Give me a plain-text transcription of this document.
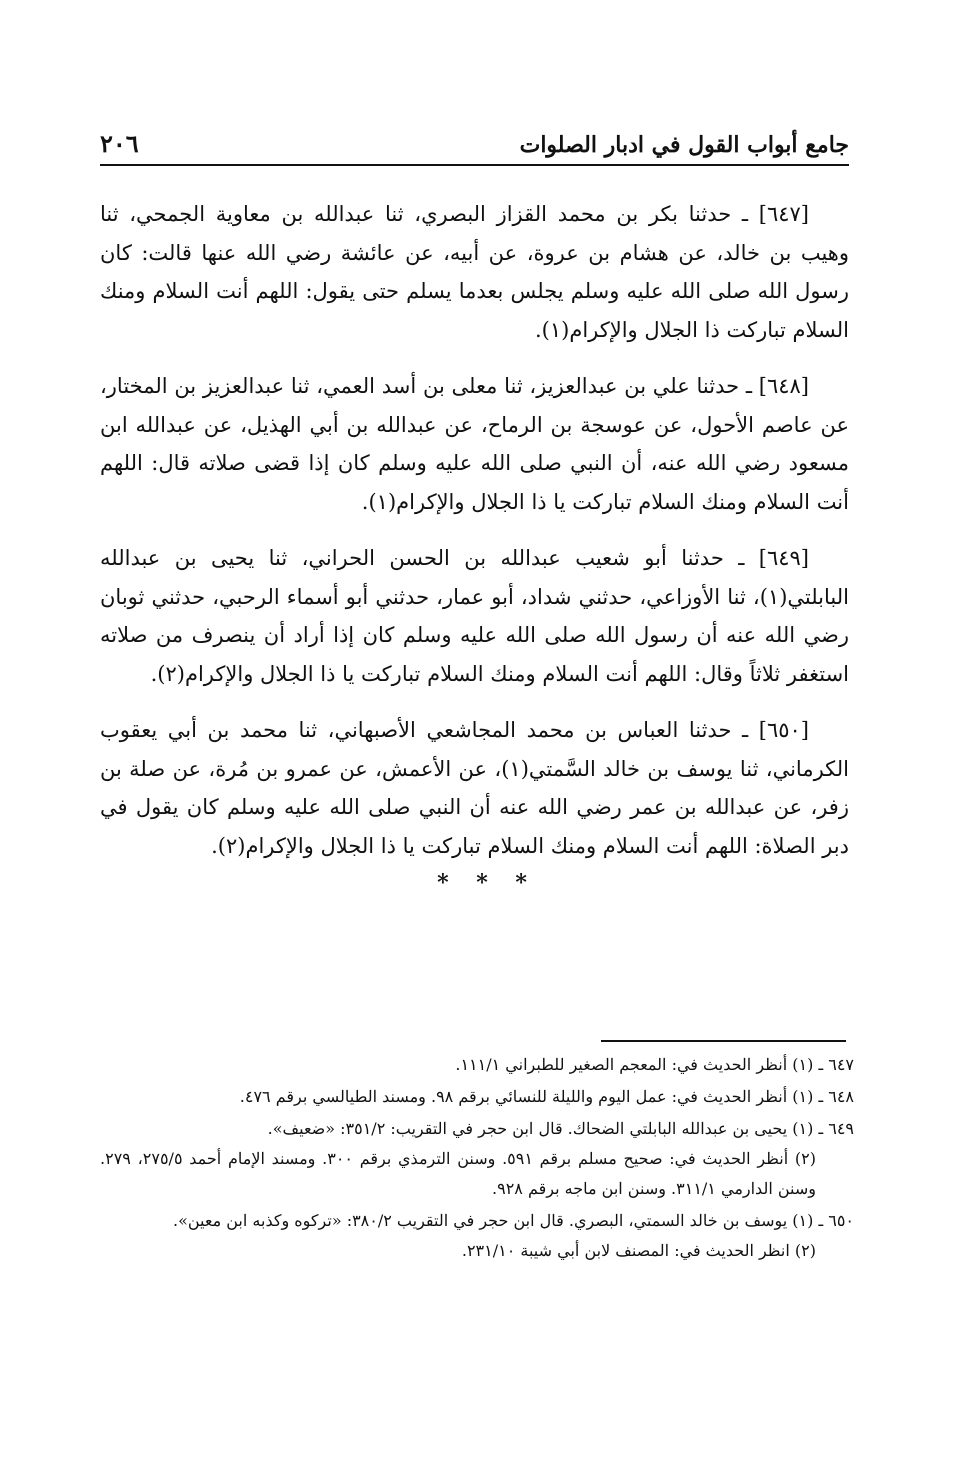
جامع أبواب القول في ادبار الصلوات
٢٠٦

[٦٤٧] ـ حدثنا بكر بن محمد القزاز البصري، ثنا عبدالله بن معاوية الجمحي، ثنا وهيب بن خالد، عن هشام بن عروة، عن أبيه، عن عائشة رضي الله عنها قالت: كان رسول الله صلى الله عليه وسلم يجلس بعدما يسلم حتى يقول: اللهم أنت السلام ومنك السلام تباركت ذا الجلال والإكرام(١).

[٦٤٨] ـ حدثنا علي بن عبدالعزيز، ثنا معلى بن أسد العمي، ثنا عبدالعزيز بن المختار، عن عاصم الأحول، عن عوسجة بن الرماح، عن عبدالله بن أبي الهذيل، عن عبدالله ابن مسعود رضي الله عنه، أن النبي صلى الله عليه وسلم كان إذا قضى صلاته قال: اللهم أنت السلام ومنك السلام تباركت يا ذا الجلال والإكرام(١).

[٦٤٩] ـ حدثنا أبو شعيب عبدالله بن الحسن الحراني، ثنا يحيى بن عبدالله البابلتي(١)، ثنا الأوزاعي، حدثني شداد، أبو عمار، حدثني أبو أسماء الرحبي، حدثني ثوبان رضي الله عنه أن رسول الله صلى الله عليه وسلم كان إذا أراد أن ينصرف من صلاته استغفر ثلاثاً وقال: اللهم أنت السلام ومنك السلام تباركت يا ذا الجلال والإكرام(٢).

[٦٥٠] ـ حدثنا العباس بن محمد المجاشعي الأصبهاني، ثنا محمد بن أبي يعقوب الكرماني، ثنا يوسف بن خالد السَّمتي(١)، عن الأعمش، عن عمرو بن مُرة، عن صلة بن زفر، عن عبدالله بن عمر رضي الله عنه أن النبي صلى الله عليه وسلم كان يقول في دبر الصلاة: اللهم أنت السلام ومنك السلام تباركت يا ذا الجلال والإكرام(٢).

* * *

٦٤٧ ـ (١) أنظر الحديث في: المعجم الصغير للطبراني ١١١/١.

٦٤٨ ـ (١) أنظر الحديث في: عمل اليوم والليلة للنسائي برقم ٩٨. ومسند الطيالسي برقم ٤٧٦.

٦٤٩ ـ (١) يحيى بن عبدالله البابلتي الضحاك. قال ابن حجر في التقريب: ٣٥١/٢: «ضعيف».

(٢) أنظر الحديث في: صحيح مسلم برقم ٥٩١. وسنن الترمذي برقم ٣٠٠. ومسند الإمام أحمد ٢٧٥/٥، ٢٧٩. وسنن الدارمي ٣١١/١. وسنن ابن ماجه برقم ٩٢٨.

٦٥٠ ـ (١) يوسف بن خالد السمتي، البصري. قال ابن حجر في التقريب ٣٨٠/٢: «تركوه وكذبه ابن معين».

(٢) انظر الحديث في: المصنف لابن أبي شيبة ٢٣١/١٠.
